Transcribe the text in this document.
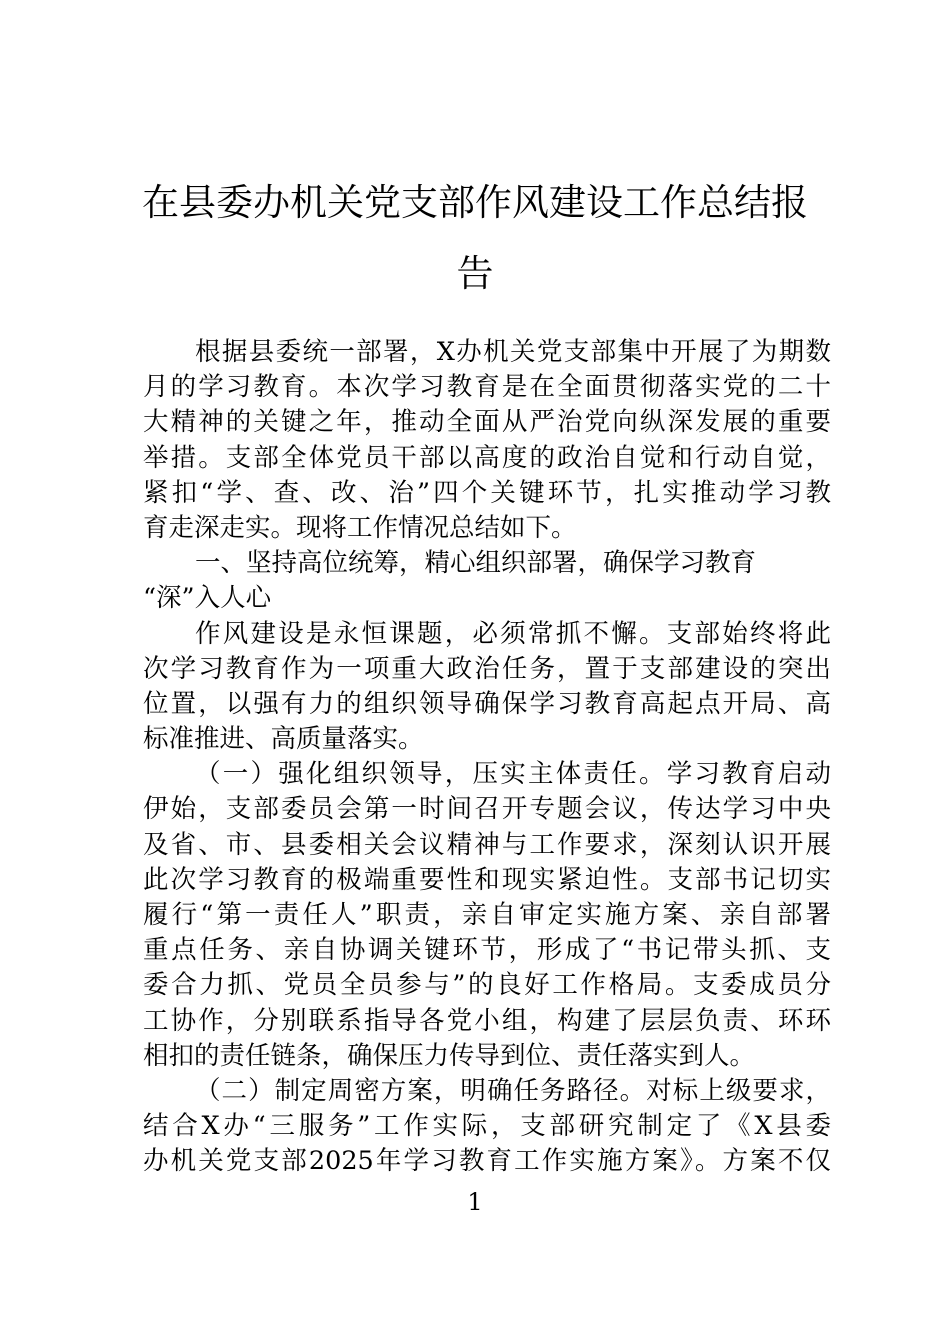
在县委办机关党支部作风建设工作总结报
告
根据县委统一部署，X办机关党支部集中开展了为期数
月的学习教育。本次学习教育是在全面贯彻落实党的二十
大精神的关键之年，推动全面从严治党向纵深发展的重要
举措。支部全体党员干部以高度的政治自觉和行动自觉，
紧扣“学、查、改、治”四个关键环节，扎实推动学习教
育走深走实。现将工作情况总结如下。
一、坚持高位统筹，精心组织部署，确保学习教育
“深”入人心
作风建设是永恒课题，必须常抓不懈。支部始终将此
次学习教育作为一项重大政治任务，置于支部建设的突出
位置，以强有力的组织领导确保学习教育高起点开局、高
标准推进、高质量落实。
（一）强化组织领导，压实主体责任。学习教育启动
伊始，支部委员会第一时间召开专题会议，传达学习中央
及省、市、县委相关会议精神与工作要求，深刻认识开展
此次学习教育的极端重要性和现实紧迫性。支部书记切实
履行“第一责任人”职责，亲自审定实施方案、亲自部署
重点任务、亲自协调关键环节，形成了“书记带头抓、支
委合力抓、党员全员参与”的良好工作格局。支委成员分
工协作，分别联系指导各党小组，构建了层层负责、环环
相扣的责任链条，确保压力传导到位、责任落实到人。
（二）制定周密方案，明确任务路径。对标上级要求，
结合X办“三服务”工作实际，支部研究制定了《X县委
办机关党支部2025年学习教育工作实施方案》。方案不仅
1
